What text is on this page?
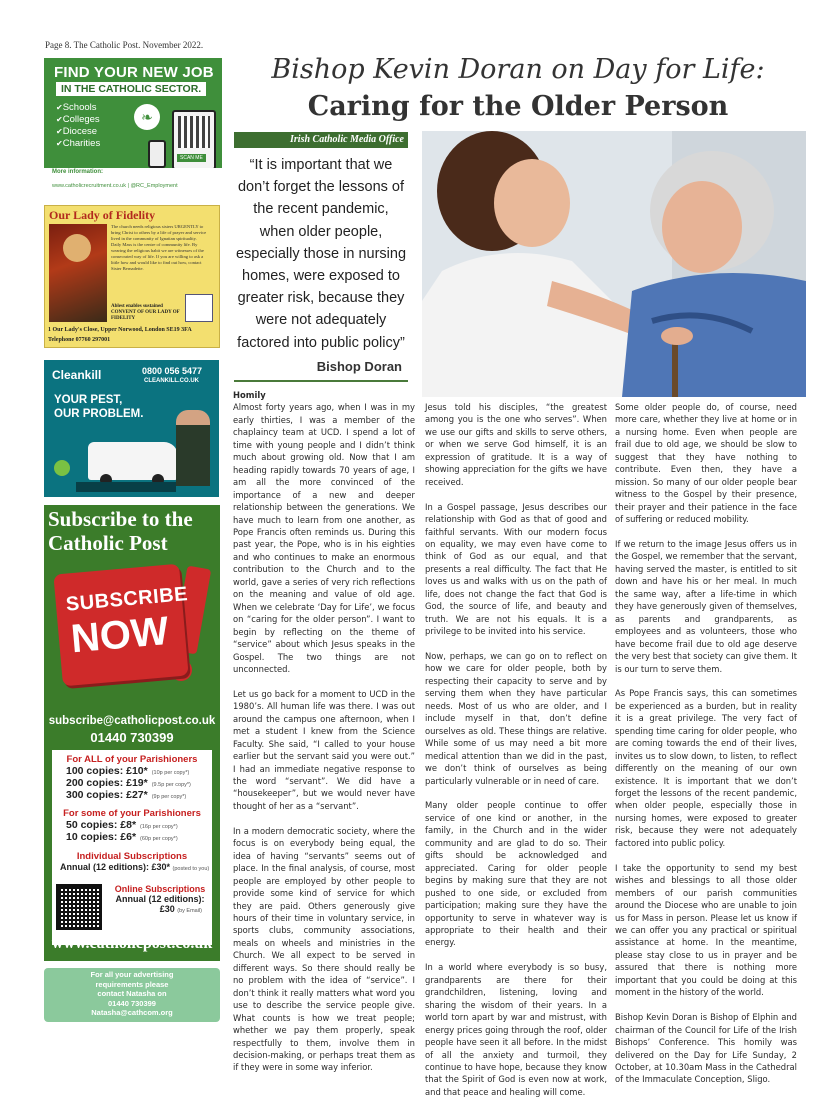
Page 8. The Catholic Post. November 2022.
FIND YOUR NEW JOB
IN THE CATHOLIC SECTOR.
✔ Schools
✔ Colleges
✔ Diocese
✔ Charities
❧
SCAN ME
More information:
www.catholicrecruitment.co.uk | @RC_Employment
Our Lady of Fidelity
The church needs religious sisters URGENTLY to bring Christ to others by a life of prayer and service lived in the community of Ignatian spirituality. Daily Mass is the centre of community life. By wearing the religious habit we are witnesses of the consecrated way of life. If you are willing to ask a little how and would like to find out how, contact Sister Bernadette.
Ablest enables sustained CONVENT OF OUR LADY OF FIDELITY
1 Our Lady's Close, Upper Norwood, London SE19 3FA Telephone 07760 297001
Cleankill	0800 056 5477
CLEANKILL.CO.UK
YOUR PEST,
OUR PROBLEM.
Subscribe to the Catholic Post
SUBSCRIBE
NOW
subscribe@catholicpost.co.uk
01440 730399
For ALL of your Parishioners
100 copies: £10* (10p per copy*)
200 copies: £19* (9.5p per copy*)
300 copies: £27* (9p per copy*)
For some of your Parishioners
50 copies: £8* (16p per copy*)
10 copies: £6* (60p per copy*)
Individual Subscriptions
Annual (12 editions): £30* (posted to you)
Online Subscriptions
Annual (12 editions):
£30 (by Email)
* including delivery
www.catholicpost.co.uk
For all your advertising
requirements please
contact Natasha on
01440 730399
Natasha@cathcom.org
Bishop Kevin Doran on Day for Life:
Caring for the Older Person
Irish Catholic Media Office
“It is important that we don’t forget the lessons of the recent pandemic, when older people, especially those in nursing homes, were exposed to greater risk, because they were not adequately factored into public policy”
Bishop Doran
Homily

Almost forty years ago, when I was in my early thirties, I was a member of the chaplaincy team at UCD. I spend a lot of time with young people and I didn’t think much about growing old. Now that I am heading rapidly towards 70 years of age, I am all the more convinced of the importance of a new and deeper relationship between the generations. We have much to learn from one another, as Pope Francis often reminds us. During this past year, the Pope, who is in his eighties and who continues to make an enormous contribution to the Church and to the world, gave a series of very rich reflections on the meaning and value of old age. When we celebrate ‘Day for Life’, we focus on “caring for the older person”. I want to begin by reflecting on the theme of “service” about which Jesus speaks in the Gospel. The two things are not unconnected.

Let us go back for a moment to UCD in the 1980’s. All human life was there. I was out around the campus one afternoon, when I met a student I knew from the Science Faculty. She said, “I called to your house earlier but the servant said you were out.” I had an immediate negative response to the word “servant”. We did have a “housekeeper”, but we would never have thought of her as a “servant”.

In a modern democratic society, where the focus is on everybody being equal, the idea of having “servants” seems out of place. In the final analysis, of course, most people are employed by other people to provide some kind of service for which they are paid. Others generously give hours of their time in voluntary service, in sports clubs, community associations, meals on wheels and ministries in the Church. We all expect to be served in different ways. So there should really be no problem with the idea of “service”. I don’t think it really matters what word you use to describe the service people give. What counts is how we treat people; whether we pay them properly, speak respectfully to them, involve them in decision-making, or perhaps treat them as if they were in some way inferior.

Jesus told his disciples, “the greatest among you is the one who serves”. When we use our gifts and skills to serve others, or when we serve God himself, it is an expression of gratitude. It is a way of showing appreciation for the gifts we have received.

In a Gospel passage, Jesus describes our relationship with God as that of good and faithful servants. With our modern focus on equality, we may even have come to think of God as our equal, and that presents a real difficulty. The fact that He loves us and walks with us on the path of life, does not change the fact that God is God, the source of life, and beauty and truth. We are not his equals. It is a privilege to be invited into his service.

Now, perhaps, we can go on to reflect on how we care for older people, both by respecting their capacity to serve and by serving them when they have particular needs. Most of us who are older, and I include myself in that, don’t define ourselves as old. These things are relative. While some of us may need a bit more medical attention than we did in the past, we don’t think of ourselves as being particularly vulnerable or in need of care.

Many older people continue to offer service of one kind or another, in the family, in the Church and in the wider community and are glad to do so. Their gifts should be acknowledged and appreciated. Caring for older people begins by making sure that they are not pushed to one side, or excluded from participation; making sure they have the opportunity to serve in whatever way is appropriate to their health and their energy.

In a world where everybody is so busy, grandparents are there for their grandchildren, listening, loving and sharing the wisdom of their years. In a world torn apart by war and mistrust, with energy prices going through the roof, older people have seen it all before. In the midst of all the anxiety and turmoil, they continue to have hope, because they know that the Spirit of God is even now at work, and that peace and healing will come.

Some older people do, of course, need more care, whether they live at home or in a nursing home. Even when people are frail due to old age, we should be slow to suggest that they have nothing to contribute. Even then, they have a mission. So many of our older people bear witness to the Gospel by their presence, their prayer and their patience in the face of suffering or reduced mobility.

If we return to the image Jesus offers us in the Gospel, we remember that the servant, having served the master, is entitled to sit down and have his or her meal. In much the same way, after a life-time in which they have generously given of themselves, as parents and grandparents, as employees and as volunteers, those who have become frail due to old age deserve the very best that society can give them. It is our turn to serve them.

As Pope Francis says, this can sometimes be experienced as a burden, but in reality it is a great privilege. The very fact of spending time caring for older people, who are coming towards the end of their lives, invites us to slow down, to listen, to reflect differently on the meaning of our own existence. It is important that we don’t forget the lessons of the recent pandemic, when older people, especially those in nursing homes, were exposed to greater risk, because they were not adequately factored into public policy.

I take the opportunity to send my best wishes and blessings to all those older members of our parish communities around the Diocese who are unable to join us for Mass in person. Please let us know if we can offer you any practical or spiritual assistance at home. In the meantime, please stay close to us in prayer and be assured that there is nothing more important that you could be doing at this moment in the history of the world.

Bishop Kevin Doran is Bishop of Elphin and chairman of the Council for Life of the Irish Bishops’ Conference. This homily was delivered on the Day for Life Sunday, 2 October, at 10.30am Mass in the Cathedral of the Immaculate Conception, Sligo.
